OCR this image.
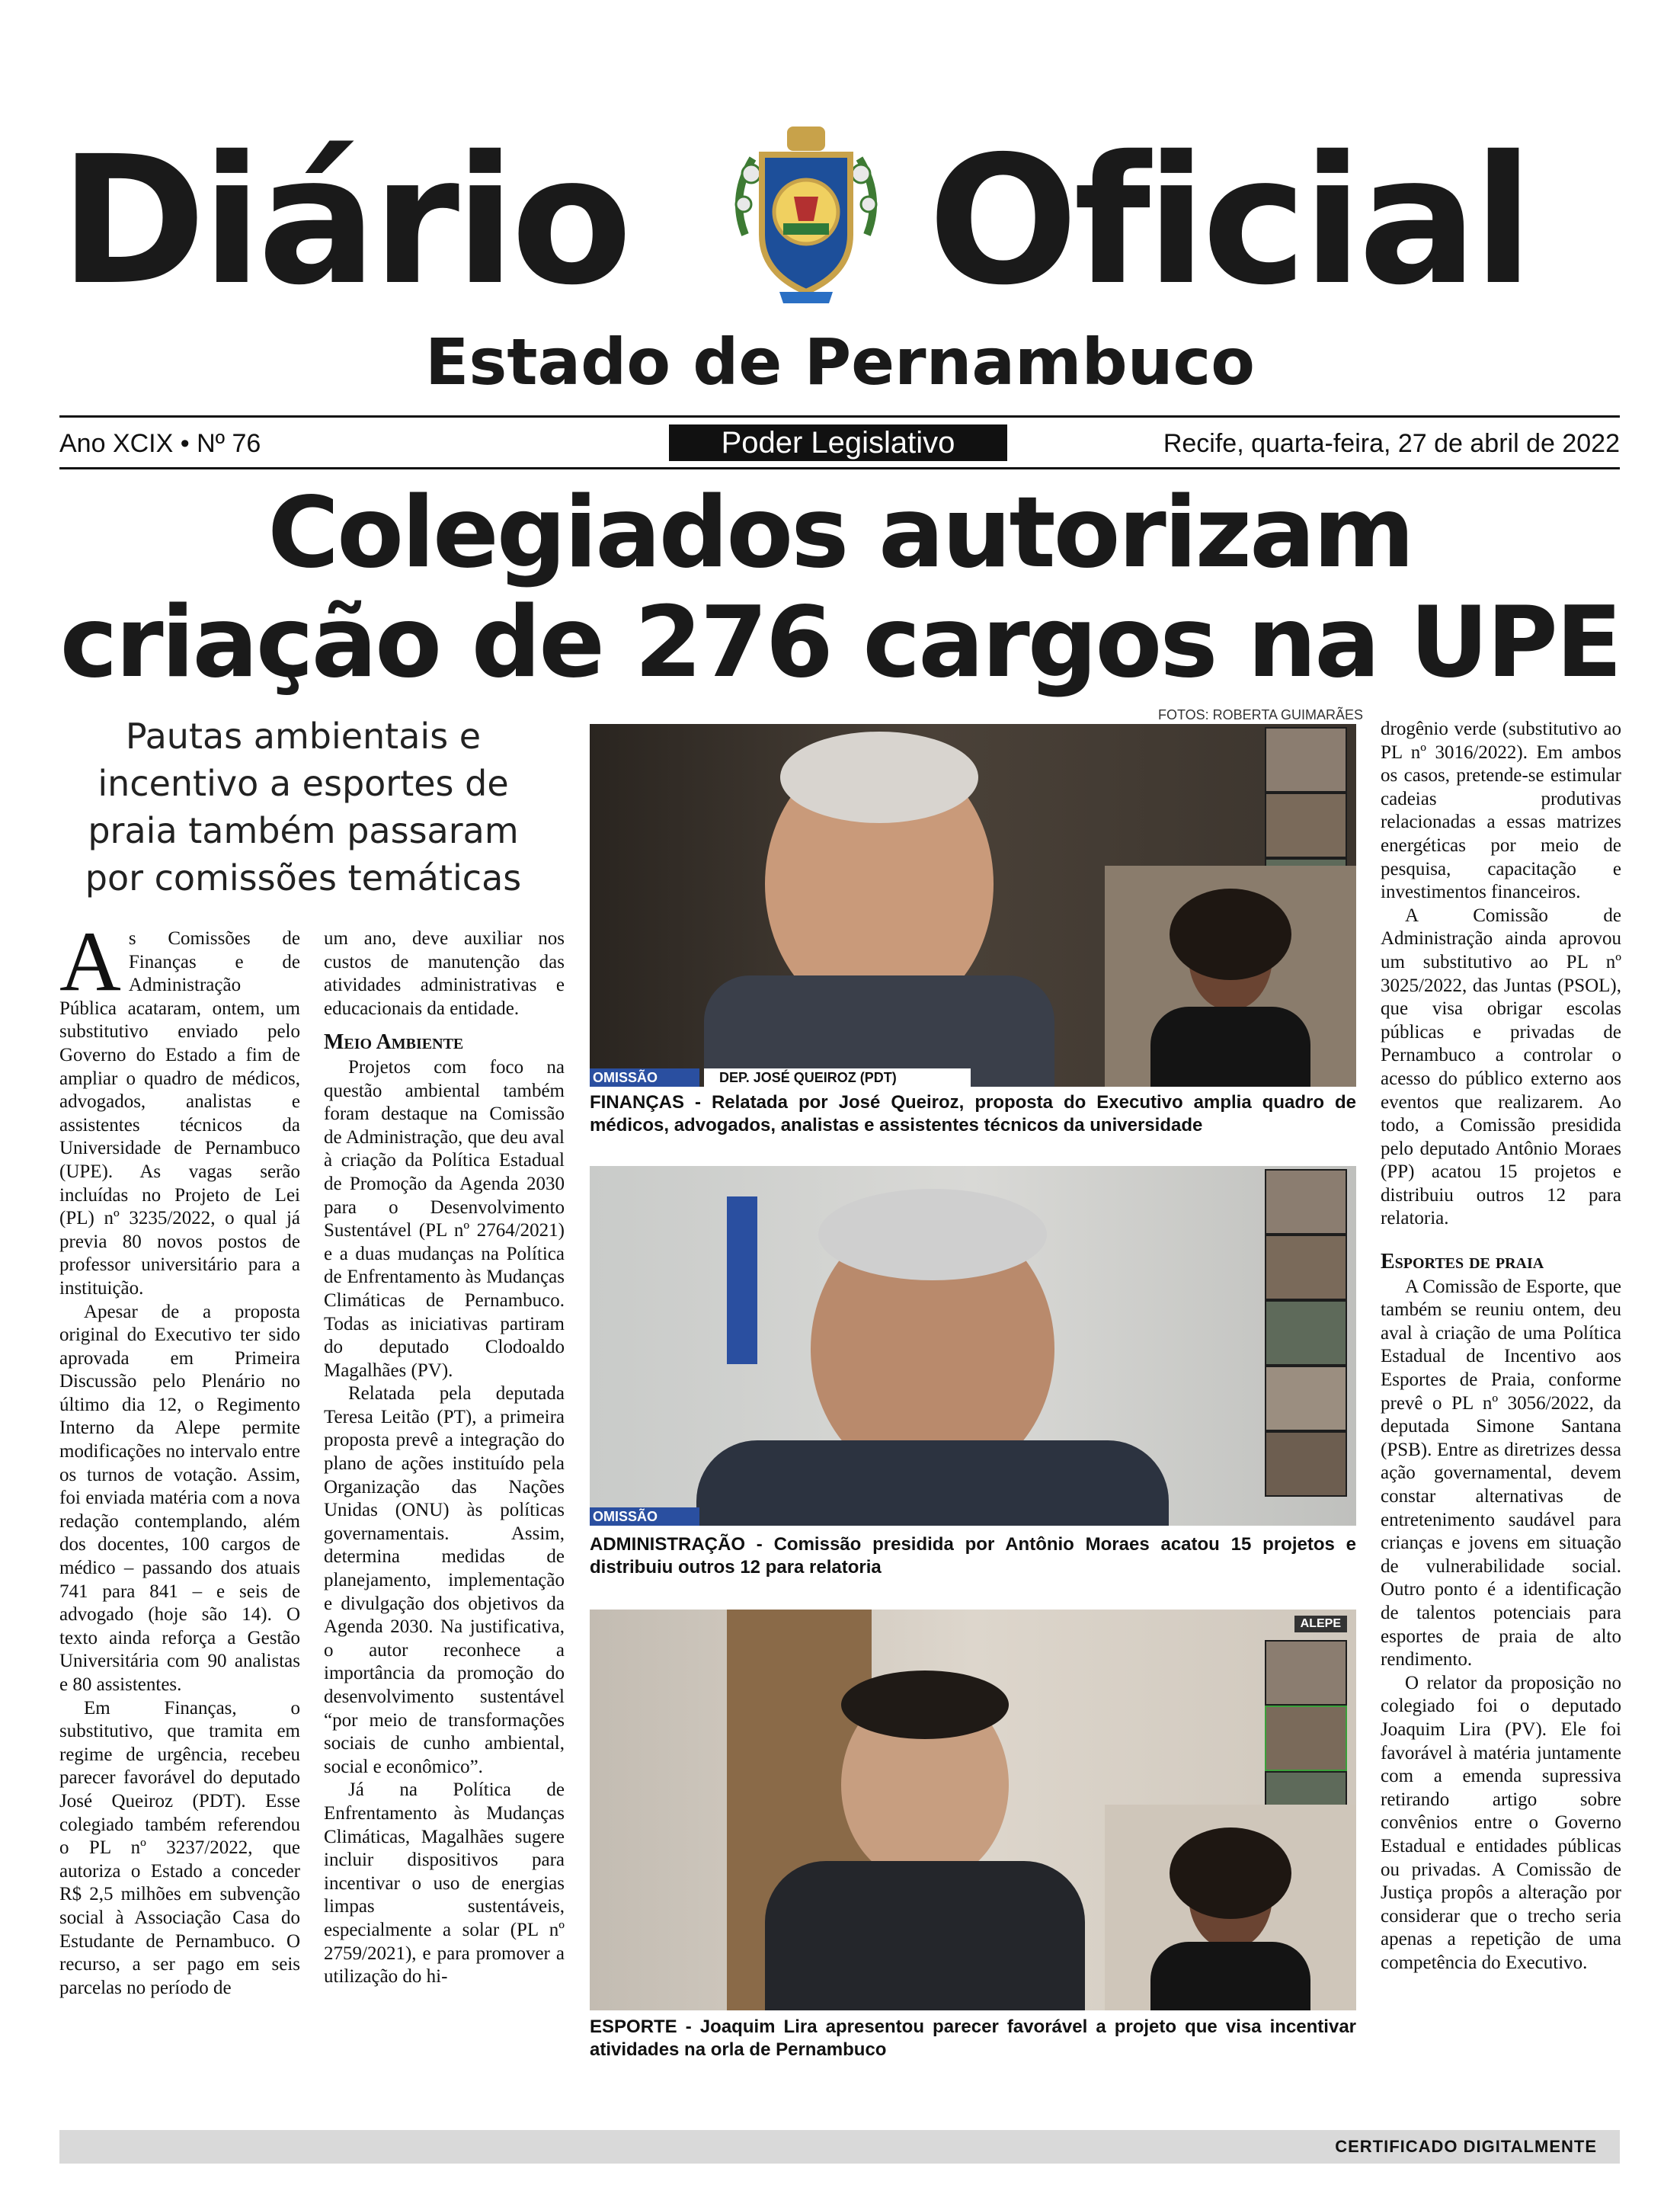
Diário Oficial
Estado de Pernambuco
Ano XCIX • Nº 76	Poder Legislativo	Recife, quarta-feira, 27 de abril de 2022
Colegiados autorizam
criação de 276 cargos na UPE
Pautas ambientais e incentivo a esportes de praia também passaram por comissões temáticas
FOTOS: ROBERTA GUIMARÃES

As Comissões de Finanças e de Administração Pública acataram, ontem, um substitutivo enviado pelo Governo do Estado a fim de ampliar o quadro de médicos, advogados, analistas e assistentes técnicos da Universidade de Pernambuco (UPE). As vagas serão incluídas no Projeto de Lei (PL) nº 3235/2022, o qual já previa 80 novos postos de professor universitário para a instituição.

Apesar de a proposta original do Executivo ter sido aprovada em Primeira Discussão pelo Plenário no último dia 12, o Regimento Interno da Alepe permite modificações no intervalo entre os turnos de votação. Assim, foi enviada matéria com a nova redação contemplando, além dos docentes, 100 cargos de médico – passando dos atuais 741 para 841 – e seis de advogado (hoje são 14). O texto ainda reforça a Gestão Universitária com 90 analistas e 80 assistentes.

Em Finanças, o substitutivo, que tramita em regime de urgência, recebeu parecer favorável do deputado José Queiroz (PDT). Esse colegiado também referendou o PL nº 3237/2022, que autoriza o Estado a conceder R$ 2,5 milhões em subvenção social à Associação Casa do Estudante de Pernambuco. O recurso, a ser pago em seis parcelas no período de

um ano, deve auxiliar nos custos de manutenção das atividades administrativas e educacionais da entidade.

Meio Ambiente

Projetos com foco na questão ambiental também foram destaque na Comissão de Administração, que deu aval à criação da Política Estadual de Promoção da Agenda 2030 para o Desenvolvimento Sustentável (PL nº 2764/2021) e a duas mudanças na Política de Enfrentamento às Mudanças Climáticas de Pernambuco. Todas as iniciativas partiram do deputado Clodoaldo Magalhães (PV).

Relatada pela deputada Teresa Leitão (PT), a primeira proposta prevê a integração do plano de ações instituído pela Organização das Nações Unidas (ONU) às políticas governamentais. Assim, determina medidas de planejamento, implementação e divulgação dos objetivos da Agenda 2030. Na justificativa, o autor reconhece a importância da promoção do desenvolvimento sustentável “por meio de transformações sociais de cunho ambiental, social e econômico”.

Já na Política de Enfrentamento às Mudanças Climáticas, Magalhães sugere incluir dispositivos para incentivar o uso de energias limpas sustentáveis, especialmente a solar (PL nº 2759/2021), e para promover a utilização do hi-

drogênio verde (substitutivo ao PL nº 3016/2022). Em ambos os casos, pretende-se estimular cadeias produtivas relacionadas a essas matrizes energéticas por meio de pesquisa, capacitação e investimentos financeiros.

A Comissão de Administração ainda aprovou um substitutivo ao PL nº 3025/2022, das Juntas (PSOL), que visa obrigar escolas públicas e privadas de Pernambuco a controlar o acesso do público externo aos eventos que realizarem. Ao todo, a Comissão presidida pelo deputado Antônio Moraes (PP) acatou 15 projetos e distribuiu outros 12 para relatoria.

Esportes de praia

A Comissão de Esporte, que também se reuniu ontem, deu aval à criação de uma Política Estadual de Incentivo aos Esportes de Praia, conforme prevê o PL nº 3056/2022, da deputada Simone Santana (PSB). Entre as diretrizes dessa ação governamental, devem constar alternativas de entretenimento saudável para crianças e jovens em situação de vulnerabilidade social. Outro ponto é a identificação de talentos potenciais para esportes de praia de alto rendimento.

O relator da proposição no colegiado foi o deputado Joaquim Lira (PV). Ele foi favorável à matéria juntamente com a emenda supressiva retirando artigo sobre convênios entre o Governo Estadual e entidades públicas ou privadas. A Comissão de Justiça propôs a alteração por considerar que o trecho seria apenas a repetição de uma competência do Executivo.

OMISSÃO	DEP. JOSÉ QUEIROZ (PDT)
FINANÇAS - Relatada por José Queiroz, proposta do Executivo amplia quadro de médicos, advogados, analistas e assistentes técnicos da universidade
OMISSÃO
ADMINISTRAÇÃO - Comissão presidida por Antônio Moraes acatou 15 projetos e distribuiu outros 12 para relatoria
ALEPE
ESPORTE - Joaquim Lira apresentou parecer favorável a projeto que visa incentivar atividades na orla de Pernambuco
CERTIFICADO DIGITALMENTE
